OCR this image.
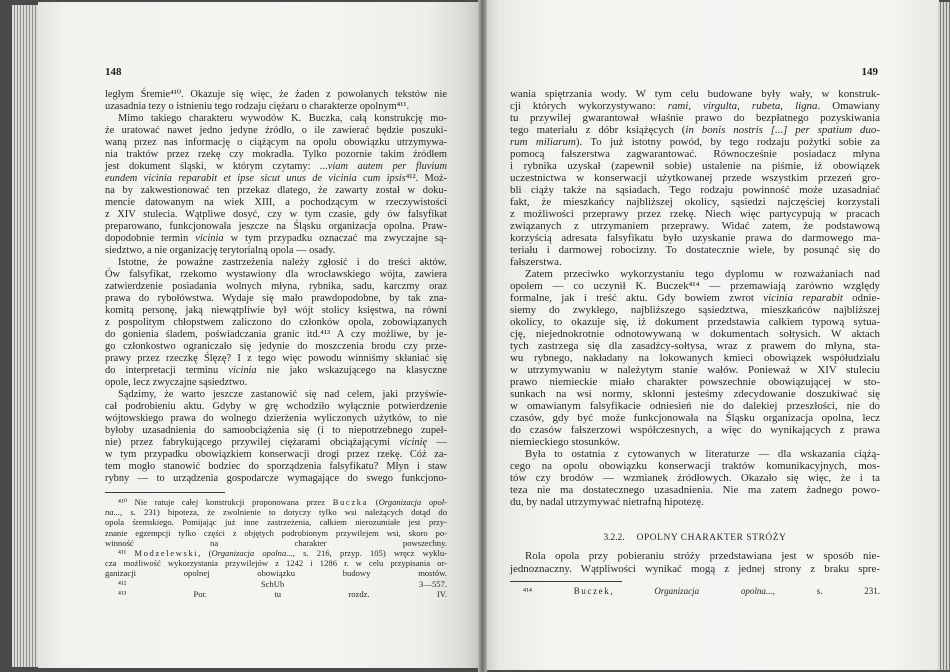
148
ległym Śremie⁴¹⁰. Okazuje się więc, że żaden z powołanych tekstów nie
uzasadnia tezy o istnieniu tego rodzaju ciężaru o charakterze opolnym⁴¹¹.
Mimo takiego charakteru wywodów K. Buczka, całą konstrukcję mo-
że uratować nawet jedno jedyne źródło, o ile zawierać będzie poszuki-
waną przez nas informację o ciążącym na opolu obowiązku utrzymywa-
nia traktów przez rzekę czy mokradła. Tylko pozornie takim źródłem
jest dokument śląski, w którym czytamy: ...viam autem per fluvium
eundem vicinia reparabit et ipse sicut unus de vicinia cum ipsis⁴¹². Moż-
na by zakwestionować ten przekaz dlatego, że zawarty został w doku-
mencie datowanym na wiek XIII, a pochodzącym w rzeczywistości
z XIV stulecia. Wątpliwe dosyć, czy w tym czasie, gdy ów falsyfikat
preparowano, funkcjonowała jeszcze na Śląsku organizacja opolna. Praw-
dopodobnie termin vicinia w tym przypadku oznaczać ma zwyczajne są-
siedztwo, a nie organizację terytorialną opola — osady.
Istotne, że poważne zastrzeżenia należy zgłosić i do treści aktów.
Ów falsyfikat, rzekomo wystawiony dla wrocławskiego wójta, zawiera
zatwierdzenie posiadania wolnych młyna, rybnika, sadu, karczmy oraz
prawa do rybołówstwa. Wydaje się mało prawdopodobne, by tak zna-
komitą personę, jaką niewątpliwie był wójt stolicy księstwa, na równi
z pospolitym chłopstwem zaliczono do członków opola, zobowiązanych
do gonienia śladem, poświadczania granic itd.⁴¹³ A czy możliwe, by je-
go członkostwo ograniczało się jedynie do moszczenia brodu czy prze-
prawy przez rzeczkę Ślęzę? I z tego więc powodu winniśmy skłaniać się
do interpretacji terminu vicinia nie jako wskazującego na klasyczne
opole, lecz zwyczajne sąsiedztwo.
Sądzimy, że warto jeszcze zastanowić się nad celem, jaki przyświe-
cał podrobieniu aktu. Gdyby w grę wchodziło wyłącznie potwierdzenie
wójtowskiego prawa do wolnego dzierżenia wyliczonych użytków, to nie
byłoby uzasadnienia do samoobciążenia się (i to niepotrzebnego zupeł-
nie) przez fabrykującego przywilej ciężarami obciążającymi vicinię —
w tym przypadku obowiązkiem konserwacji drogi przez rzekę. Cóż za-
tem mogło stanowić bodziec do sporządzenia falsyfikatu? Młyn i staw
rybny — to urządzenia gospodarcze wymagające do swego funkcjono-
⁴¹⁰ Nie ratuje całej konstrukcji proponowana przez Buczka (Organizacja opol-
na..., s. 231) hipoteza, że zwolnienie to dotyczy tylko wsi należących dotąd do
opola śremskiego. Pomijając już inne zastrzeżenia, całkiem nierozumiałe jest przy-
znanie egzempcji tylko części z objętych podrobionym przywilejem wsi, skoro po-
winność na charakter powszechny.
⁴¹¹ Modzelewski, (Organizacja opolna..., s. 216, przyp. 105) wręcz wyklu-
cza możliwość wykorzystania przywilejów z 1242 i 1286 r. w celu przypisania or-
ganizacji opolnej obowiązku budowy mostów.
⁴¹² SchUb 3—557.
⁴¹³ Por. tu rozdz. IV.
149
wania spiętrzania wody. W tym celu budowane były wały, w konstruk-
cji których wykorzystywano: rami, virgulta, rubeta, ligna. Omawiany
tu przywilej gwarantował właśnie prawo do bezpłatnego pozyskiwania
tego materiału z dóbr książęcych (in bonis nostris [...] per spatium duo-
rum miliarum). To już istotny powód, by tego rodzaju pożytki sobie za
pomocą fałszerstwa zagwarantować. Równocześnie posiadacz młyna
i rybnika uzyskał (zapewnił sobie) ustalenie na piśmie, iż obowiązek
uczestnictwa w konserwacji użytkowanej przede wszystkim przezeń gro-
bli ciąży także na sąsiadach. Tego rodzaju powinność może uzasadniać
fakt, że mieszkańcy najbliższej okolicy, sąsiedzi najczęściej korzystali
z możliwości przeprawy przez rzekę. Niech więc partycypują w pracach
związanych z utrzymaniem przeprawy. Widać zatem, że podstawową
korzyścią adresata falsyfikatu było uzyskanie prawa do darmowego ma-
teriału i darmowej robocizny. To dostatecznie wiele, by posunąć się do
fałszerstwa.
Zatem przeciwko wykorzystaniu tego dyplomu w rozważaniach nad
opolem — co uczynił K. Buczek⁴¹⁴ — przemawiają zarówno względy
formalne, jak i treść aktu. Gdy bowiem zwrot vicinia reparabit odnie-
siemy do zwykłego, najbliższego sąsiedztwa, mieszkańców najbliższej
okolicy, to okazuje się, iż dokument przedstawia całkiem typową sytua-
cję, niejednokrotnie odnotowywaną w dokumentach sołtysich. W aktach
tych zastrzega się dla zasadźcy-sołtysa, wraz z prawem do młyna, sta-
wu rybnego, nakładany na lokowanych kmieci obowiązek współudziału
w utrzymywaniu w należytym stanie wałów. Ponieważ w XIV stuleciu
prawo niemieckie miało charakter powszechnie obowiązującej w sto-
sunkach na wsi normy, skłonni jesteśmy zdecydowanie doszukiwać się
w omawianym falsyfikacie odniesień nie do dalekiej przeszłości, nie do
czasów, gdy być może funkcjonowała na Śląsku organizacja opolna, lecz
do czasów fałszerzowi współczesnych, a więc do wynikających z prawa
niemieckiego stosunków.
Była to ostatnia z cytowanych w literaturze — dla wskazania ciążą-
cego na opolu obowiązku konserwacji traktów komunikacyjnych, mos-
tów czy brodów — wzmianek źródłowych. Okazało się więc, że i ta
teza nie ma dostatecznego uzasadnienia. Nie ma zatem żadnego powo-
du, by nadal utrzymywać nietrafną hipotezę.
3.2.2. OPOLNY CHARAKTER STRÓŻY
Rola opola przy pobieraniu stróży przedstawiana jest w sposób nie-
jednoznaczny. Wątpliwości wynikać mogą z jednej strony z braku spre-
⁴¹⁴ Buczek, Organizacja opolna..., s. 231.
